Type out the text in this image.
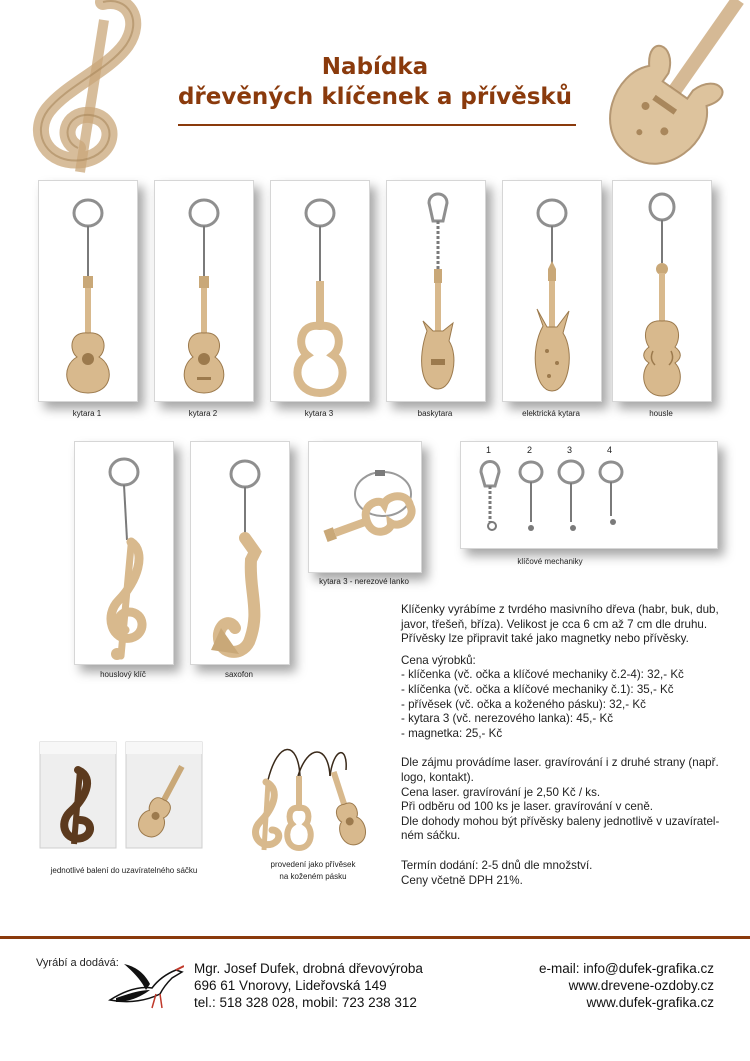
Nabídka
dřevěných klíčenek a přívěsků
kytara 1	kytara 2	kytara 3	baskytara	elektrická kytara	housle
kytara 3 - nerezové lanko
1	2	3	4
klíčové mechaniky
houslový klíč	saxofon
jednotlivé balení do uzavíratelného sáčku
provedení jako přívěsek
na koženém pásku

Klíčenky vyrábíme z tvrdého masivního dřeva (habr, buk, dub,

javor, třešeň, bříza). Velikost je cca 6 cm až 7 cm dle druhu.

Přívěsky lze připravit také jako magnetky nebo přívěsky.

Cena výrobků:

- klíčenka (vč. očka a klíčové mechaniky č.2-4): 32,- Kč

- klíčenka (vč. očka a klíčové mechaniky č.1): 35,- Kč

- přívěsek (vč. očka a koženého pásku): 32,- Kč

- kytara 3 (vč. nerezového lanka): 45,- Kč

- magnetka: 25,- Kč

Dle zájmu provádíme laser. gravírování i z druhé strany (např.

logo, kontakt).

Cena laser. gravírování je 2,50 Kč / ks.

Při odběru od 100 ks je laser. gravírování v ceně.

Dle dohody mohou být přívěsky baleny jednotlivě v uzavíratel-

ném sáčku.

Termín dodání: 2-5 dnů dle množství.

Ceny včetně DPH 21%.

Vyrábí a dodává:	Mgr. Josef Dufek, drobná dřevovýroba
696 61 Vnorovy, Lideřovská 149
tel.: 518 328 028, mobil: 723 238 312
e-mail: info@dufek-grafika.cz
www.drevene-ozdoby.cz
www.dufek-grafika.cz
